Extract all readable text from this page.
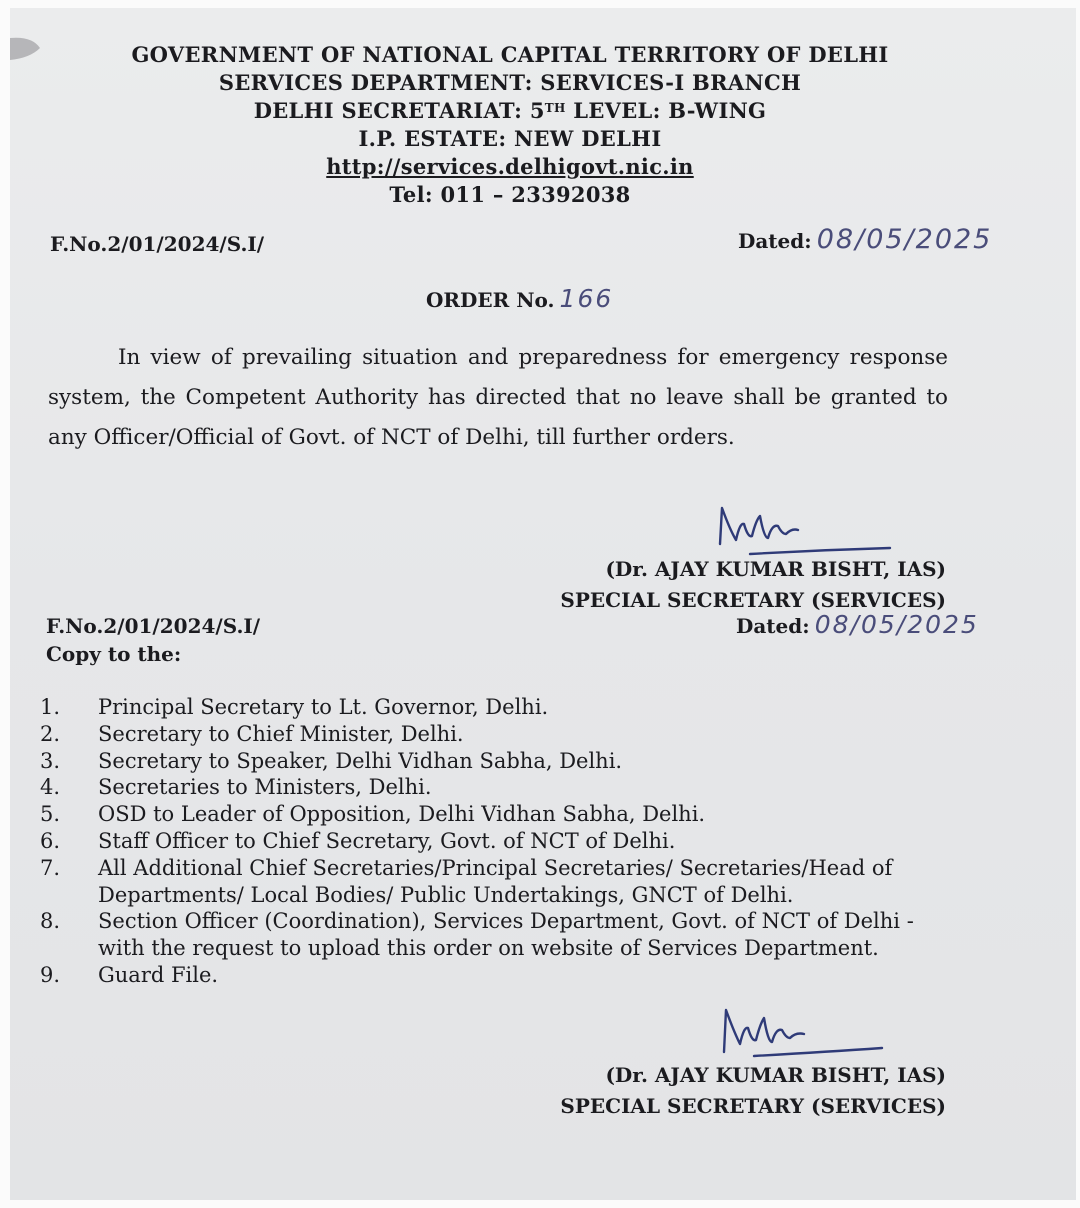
GOVERNMENT OF NATIONAL CAPITAL TERRITORY OF DELHI
SERVICES DEPARTMENT: SERVICES-I BRANCH
DELHI SECRETARIAT: 5TH LEVEL: B-WING
I.P. ESTATE: NEW DELHI
http://services.delhigovt.nic.in
Tel: 011 – 23392038
F.No.2/01/2024/S.I/	Dated: 08/05/2025
ORDER No. 166
In view of prevailing situation and preparedness for emergency response system, the Competent Authority has directed that no leave shall be granted to any Officer/Official of Govt. of NCT of Delhi, till further orders.
(Dr. AJAY KUMAR BISHT, IAS)
SPECIAL SECRETARY (SERVICES)
F.No.2/01/2024/S.I/	Dated: 08/05/2025
Copy to the:
1.	Principal Secretary to Lt. Governor, Delhi.
2.	Secretary to Chief Minister, Delhi.
3.	Secretary to Speaker, Delhi Vidhan Sabha, Delhi.
4.	Secretaries to Ministers, Delhi.
5.	OSD to Leader of Opposition, Delhi Vidhan Sabha, Delhi.
6.	Staff Officer to Chief Secretary, Govt. of NCT of Delhi.
7.	All Additional Chief Secretaries/Principal Secretaries/ Secretaries/Head of Departments/ Local Bodies/ Public Undertakings, GNCT of Delhi.
8.	Section Officer (Coordination), Services Department, Govt. of NCT of Delhi - with the request to upload this order on website of Services Department.
9.	Guard File.
(Dr. AJAY KUMAR BISHT, IAS)
SPECIAL SECRETARY (SERVICES)
